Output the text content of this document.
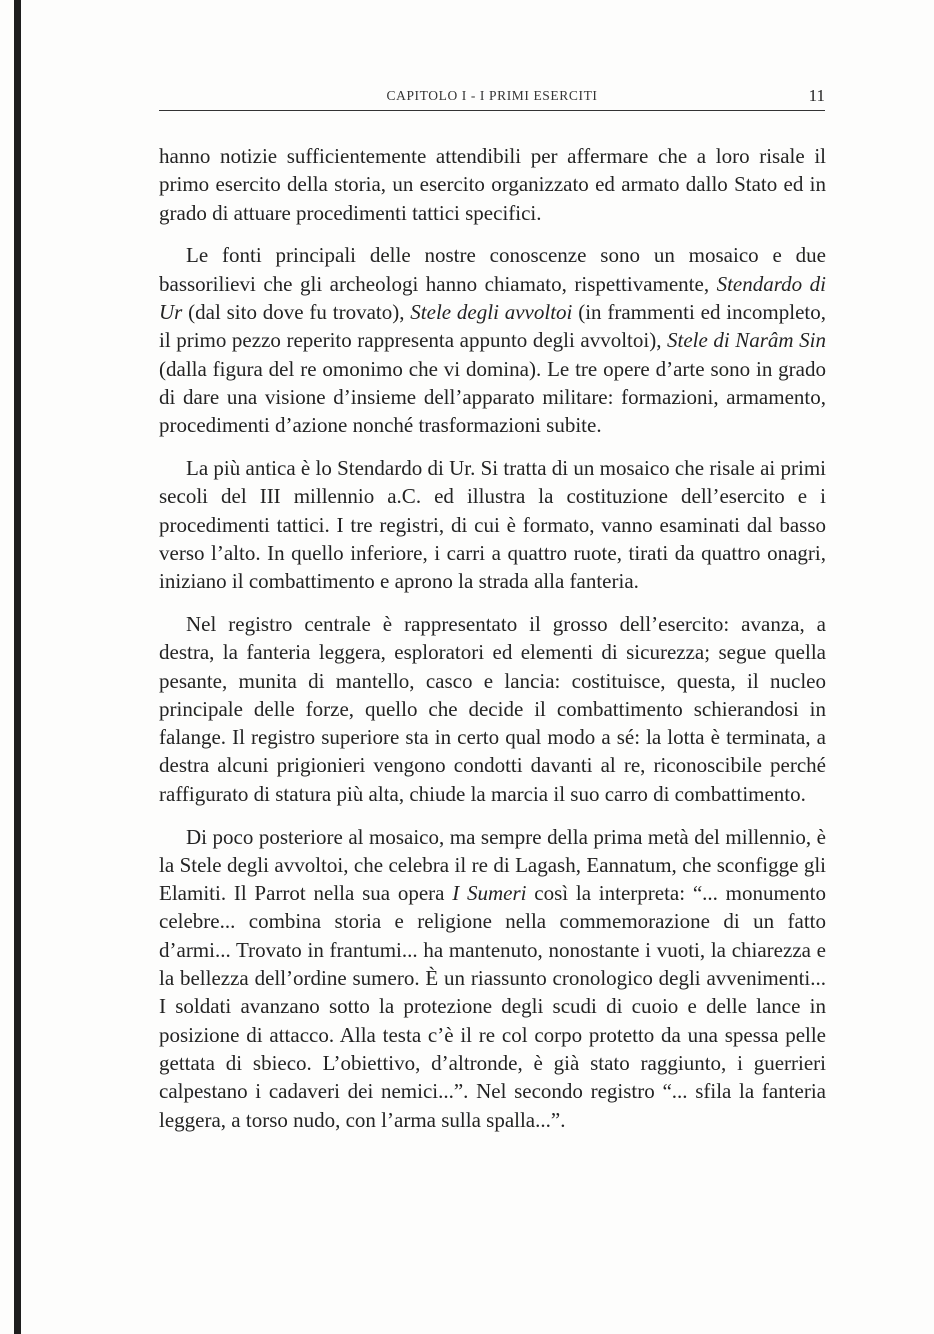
CAPITOLO I - I PRIMI ESERCITI	11

hanno notizie sufficientemente attendibili per affermare che a loro risale il primo esercito della storia, un esercito organizzato ed armato dallo Stato ed in grado di attuare procedimenti tattici specifici.

Le fonti principali delle nostre conoscenze sono un mosaico e due bassorilievi che gli archeologi hanno chiamato, rispettivamente, Stendardo di Ur (dal sito dove fu trovato), Stele degli avvoltoi (in frammenti ed incompleto, il primo pezzo reperito rappresenta appunto degli avvoltoi), Stele di Narâm Sin (dalla figura del re omonimo che vi domina). Le tre opere d’arte sono in grado di dare una visione d’insieme dell’apparato militare: formazioni, armamento, procedimenti d’azione nonché trasformazioni subite.

La più antica è lo Stendardo di Ur. Si tratta di un mosaico che risale ai primi secoli del III millennio a.C. ed illustra la costituzione dell’esercito e i procedimenti tattici. I tre registri, di cui è formato, vanno esaminati dal basso verso l’alto. In quello inferiore, i carri a quattro ruote, tirati da quattro onagri, iniziano il combattimento e aprono la strada alla fanteria.

Nel registro centrale è rappresentato il grosso dell’esercito: avanza, a destra, la fanteria leggera, esploratori ed elementi di sicurezza; segue quella pesante, munita di mantello, casco e lancia: costituisce, questa, il nucleo principale delle forze, quello che decide il combattimento schierandosi in falange. Il registro superiore sta in certo qual modo a sé: la lotta è terminata, a destra alcuni prigionieri vengono condotti davanti al re, riconoscibile perché raffigurato di statura più alta, chiude la marcia il suo carro di combattimento.

Di poco posteriore al mosaico, ma sempre della prima metà del millennio, è la Stele degli avvoltoi, che celebra il re di Lagash, Eannatum, che sconfigge gli Elamiti. Il Parrot nella sua opera I Sumeri così la interpreta: “... monumento celebre... combina storia e religione nella commemorazione di un fatto d’armi... Trovato in frantumi... ha mantenuto, nonostante i vuoti, la chiarezza e la bellezza dell’ordine sumero. È un riassunto cronologico degli avvenimenti... I soldati avanzano sotto la protezione degli scudi di cuoio e delle lance in posizione di attacco. Alla testa c’è il re col corpo protetto da una spessa pelle gettata di sbieco. L’obiettivo, d’altronde, è già stato raggiunto, i guerrieri calpestano i cadaveri dei nemici...”. Nel secondo registro “... sfila la fanteria leggera, a torso nudo, con l’arma sulla spalla...”.
